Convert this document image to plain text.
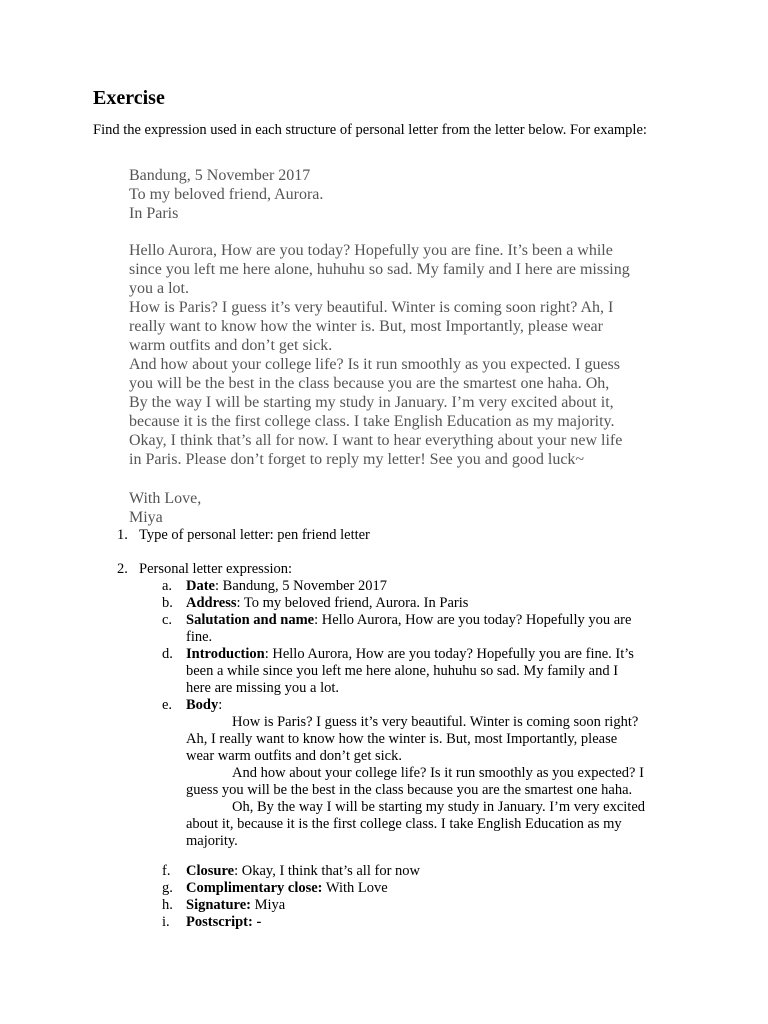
Exercise
Find the expression used in each structure of personal letter from the letter below. For example:
Bandung, 5 November 2017
To my beloved friend, Aurora.
In Paris
Hello Aurora, How are you today? Hopefully you are fine. It’s been a while
since you left me here alone, huhuhu so sad. My family and I here are missing
you a lot.
How is Paris? I guess it’s very beautiful. Winter is coming soon right? Ah, I
really want to know how the winter is. But, most Importantly, please wear
warm outfits and don’t get sick.
And how about your college life? Is it run smoothly as you expected. I guess
you will be the best in the class because you are the smartest one haha. Oh,
By the way I will be starting my study in January. I’m very excited about it,
because it is the first college class. I take English Education as my majority.
Okay, I think that’s all for now. I want to hear everything about your new life
in Paris. Please don’t forget to reply my letter! See you and good luck~
With Love,
Miya
1. Type of personal letter: pen friend letter
2. Personal letter expression:
a. Date: Bandung, 5 November 2017
b. Address: To my beloved friend, Aurora. In Paris
c. Salutation and name: Hello Aurora, How are you today? Hopefully you are
fine.
d. Introduction: Hello Aurora, How are you today? Hopefully you are fine. It’s
been a while since you left me here alone, huhuhu so sad. My family and I
here are missing you a lot.
e. Body:
How is Paris? I guess it’s very beautiful. Winter is coming soon right?
Ah, I really want to know how the winter is. But, most Importantly, please
wear warm outfits and don’t get sick.
And how about your college life? Is it run smoothly as you expected? I
guess you will be the best in the class because you are the smartest one haha.
Oh, By the way I will be starting my study in January. I’m very excited
about it, because it is the first college class. I take English Education as my
majority.
f. Closure: Okay, I think that’s all for now
g. Complimentary close: With Love
h. Signature: Miya
i. Postscript: -
